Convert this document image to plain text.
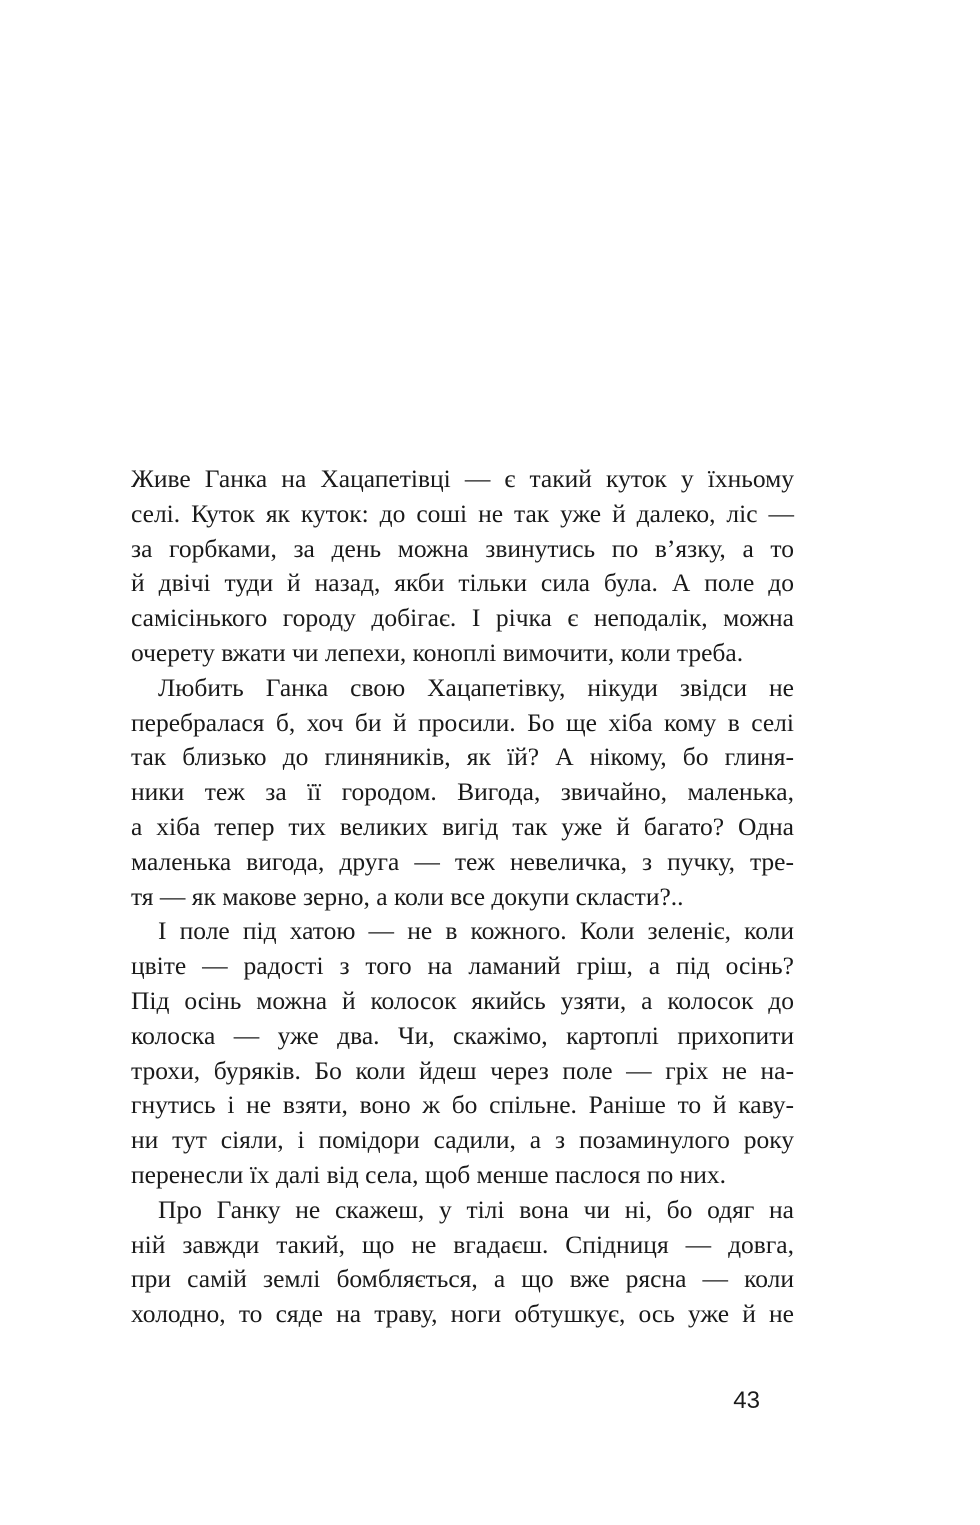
Живе Ганка на Хацапетівці — є такий куток у їхньому
селі. Куток як куток: до соші не так уже й далеко, ліс —
за горбками, за день можна звинутись по в’язку, а то
й двічі туди й назад, якби тільки сила була. А поле до
самісінького городу добігає. І річка є неподалік, можна
очерету вжати чи лепехи, коноплі вимочити, коли треба.
Любить Ганка свою Хацапетівку, нікуди звідси не
перебралася б, хоч би й просили. Бо ще хіба кому в селі
так близько до глиняників, як їй? А нікому, бо глиня-
ники теж за її городом. Вигода, звичайно, маленька,
а хіба тепер тих великих вигід так уже й багато? Одна
маленька вигода, друга — теж невеличка, з пучку, тре-
тя — як макове зерно, а коли все докупи скласти?..
І поле під хатою — не в кожного. Коли зеленіє, коли
цвіте — радості з того на ламаний гріш, а під осінь?
Під осінь можна й колосок якийсь узяти, а колосок до
колоска — уже два. Чи, скажімо, картоплі прихопити
трохи, буряків. Бо коли йдеш через поле — гріх не на-
гнутись і не взяти, воно ж бо спільне. Раніше то й каву-
ни тут сіяли, і помідори садили, а з позаминулого року
перенесли їх далі від села, щоб менше паслося по них.
Про Ганку не скажеш, у тілі вона чи ні, бо одяг на
ній завжди такий, що не вгадаєш. Спідниця — довга,
при самій землі бомбляється, а що вже рясна — коли
холодно, то сяде на траву, ноги обтушкує, ось уже й не
43
